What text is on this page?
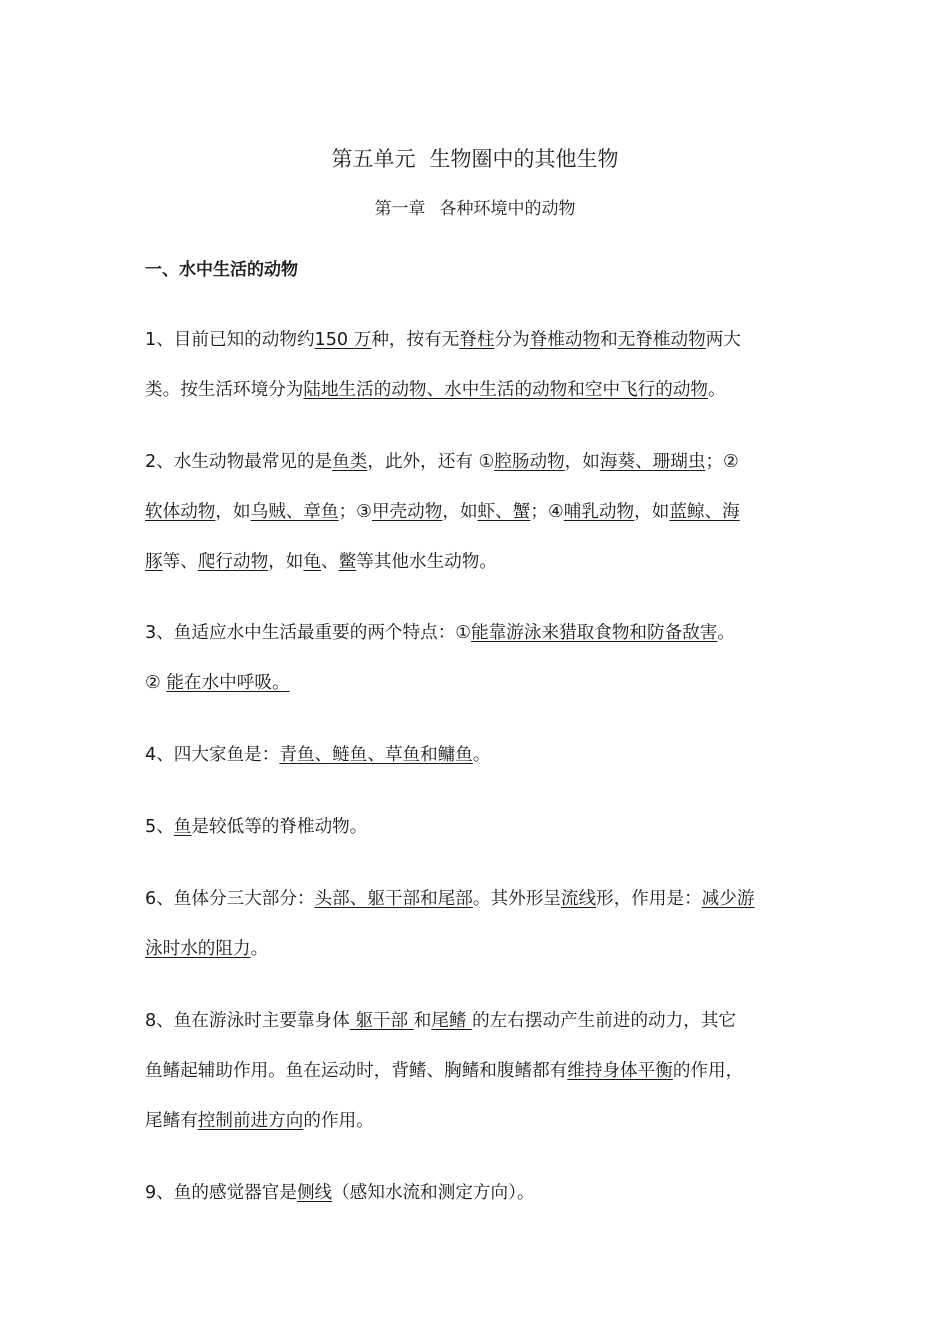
第五单元 生物圈中的其他生物
第一章 各种环境中的动物
一、水中生活的动物
1、目前已知的动物约150 万种，按有无脊柱分为脊椎动物和无脊椎动物两大
类。按生活环境分为陆地生活的动物、水中生活的动物和空中飞行的动物。
2、水生动物最常见的是鱼类，此外，还有 ①腔肠动物，如海葵、珊瑚虫；②
软体动物，如乌贼、章鱼；③甲壳动物，如虾、蟹；④哺乳动物，如蓝鲸、海
豚等、爬行动物，如龟、鳖等其他水生动物。
3、鱼适应水中生活最重要的两个特点：①能靠游泳来猎取食物和防备敌害。
② 能在水中呼吸。
4、四大家鱼是：青鱼、鲢鱼、草鱼和鳙鱼。
5、鱼是较低等的脊椎动物。
6、鱼体分三大部分：头部、躯干部和尾部。其外形呈流线形，作用是：减少游
泳时水的阻力。
8、鱼在游泳时主要靠身体 躯干部 和尾鳍 的左右摆动产生前进的动力，其它
鱼鳍起辅助作用。鱼在运动时，背鳍、胸鳍和腹鳍都有维持身体平衡的作用，
尾鳍有控制前进方向的作用。
9、鱼的感觉器官是侧线（感知水流和测定方向）。
